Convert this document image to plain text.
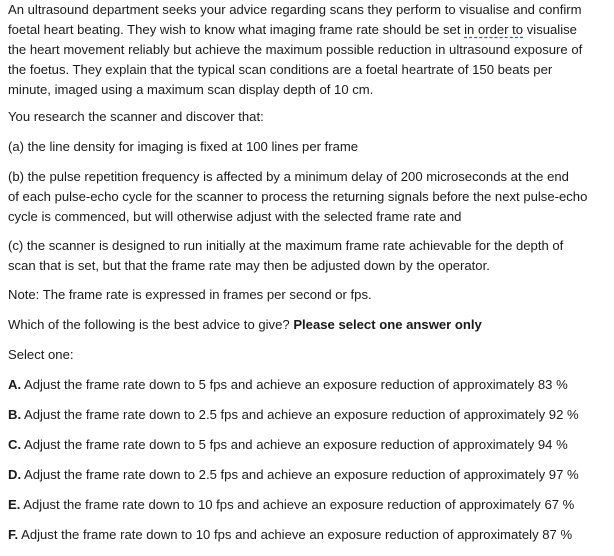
An ultrasound department seeks your advice regarding scans they perform to visualise and confirm
foetal heart beating. They wish to know what imaging frame rate should be set in order to visualise
the heart movement reliably but achieve the maximum possible reduction in ultrasound exposure of
the foetus. They explain that the typical scan conditions are a foetal heartrate of 150 beats per
minute, imaged using a maximum scan display depth of 10 cm.
You research the scanner and discover that:
(a) the line density for imaging is fixed at 100 lines per frame
(b) the pulse repetition frequency is affected by a minimum delay of 200 microseconds at the end
of each pulse-echo cycle for the scanner to process the returning signals before the next pulse-echo
cycle is commenced, but will otherwise adjust with the selected frame rate and
(c) the scanner is designed to run initially at the maximum frame rate achievable for the depth of
scan that is set, but that the frame rate may then be adjusted down by the operator.
Note: The frame rate is expressed in frames per second or fps.
Which of the following is the best advice to give? Please select one answer only
Select one:
A. Adjust the frame rate down to 5 fps and achieve an exposure reduction of approximately 83 %
B. Adjust the frame rate down to 2.5 fps and achieve an exposure reduction of approximately 92 %
C. Adjust the frame rate down to 5 fps and achieve an exposure reduction of approximately 94 %
D. Adjust the frame rate down to 2.5 fps and achieve an exposure reduction of approximately 97 %
E. Adjust the frame rate down to 10 fps and achieve an exposure reduction of approximately 67 %
F. Adjust the frame rate down to 10 fps and achieve an exposure reduction of approximately 87 %
